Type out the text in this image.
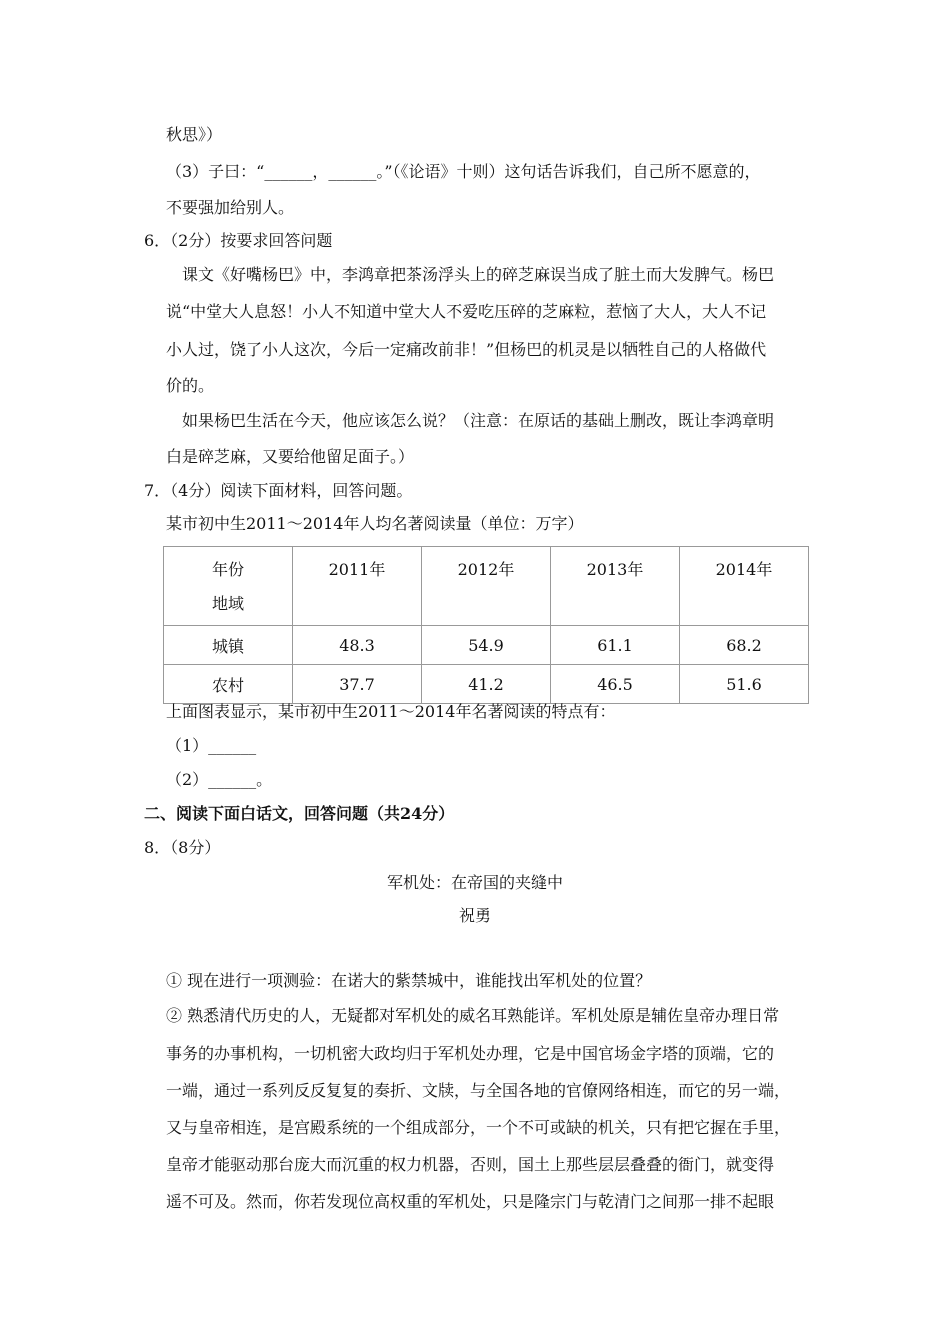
秋思》）
（3）子曰：“______，______。”（《论语》十则）这句话告诉我们，自己所不愿意的，
不要强加给别人。
6．（2分）按要求回答问题
课文《好嘴杨巴》中，李鸿章把茶汤浮头上的碎芝麻误当成了脏土而大发脾气。杨巴
说“中堂大人息怒！小人不知道中堂大人不爱吃压碎的芝麻粒，惹恼了大人，大人不记
小人过，饶了小人这次，今后一定痛改前非！”但杨巴的机灵是以牺牲自己的人格做代
价的。
如果杨巴生活在今天，他应该怎么说？（注意：在原话的基础上删改，既让李鸿章明
白是碎芝麻，又要给他留足面子。）
7．（4分）阅读下面材料，回答问题。
某市初中生2011～2014年人均名著阅读量（单位：万字）
年份
地域	2011年	2012年	2013年	2014年

城镇	48.3	54.9	61.1	68.2

农村	37.7	41.2	46.5	51.6
上面图表显示，某市初中生2011～2014年名著阅读的特点有：
（1）______
（2）______。
二、阅读下面白话文，回答问题（共24分）
8．（8分）
军机处：在帝国的夹缝中
祝勇
① 现在进行一项测验：在诺大的紫禁城中，谁能找出军机处的位置？
② 熟悉清代历史的人，无疑都对军机处的威名耳熟能详。军机处原是辅佐皇帝办理日常
事务的办事机构，一切机密大政均归于军机处办理，它是中国官场金字塔的顶端，它的
一端，通过一系列反反复复的奏折、文牍，与全国各地的官僚网络相连，而它的另一端，
又与皇帝相连，是宫殿系统的一个组成部分，一个不可或缺的机关，只有把它握在手里，
皇帝才能驱动那台庞大而沉重的权力机器，否则，国土上那些层层叠叠的衙门，就变得
遥不可及。然而，你若发现位高权重的军机处，只是隆宗门与乾清门之间那一排不起眼
